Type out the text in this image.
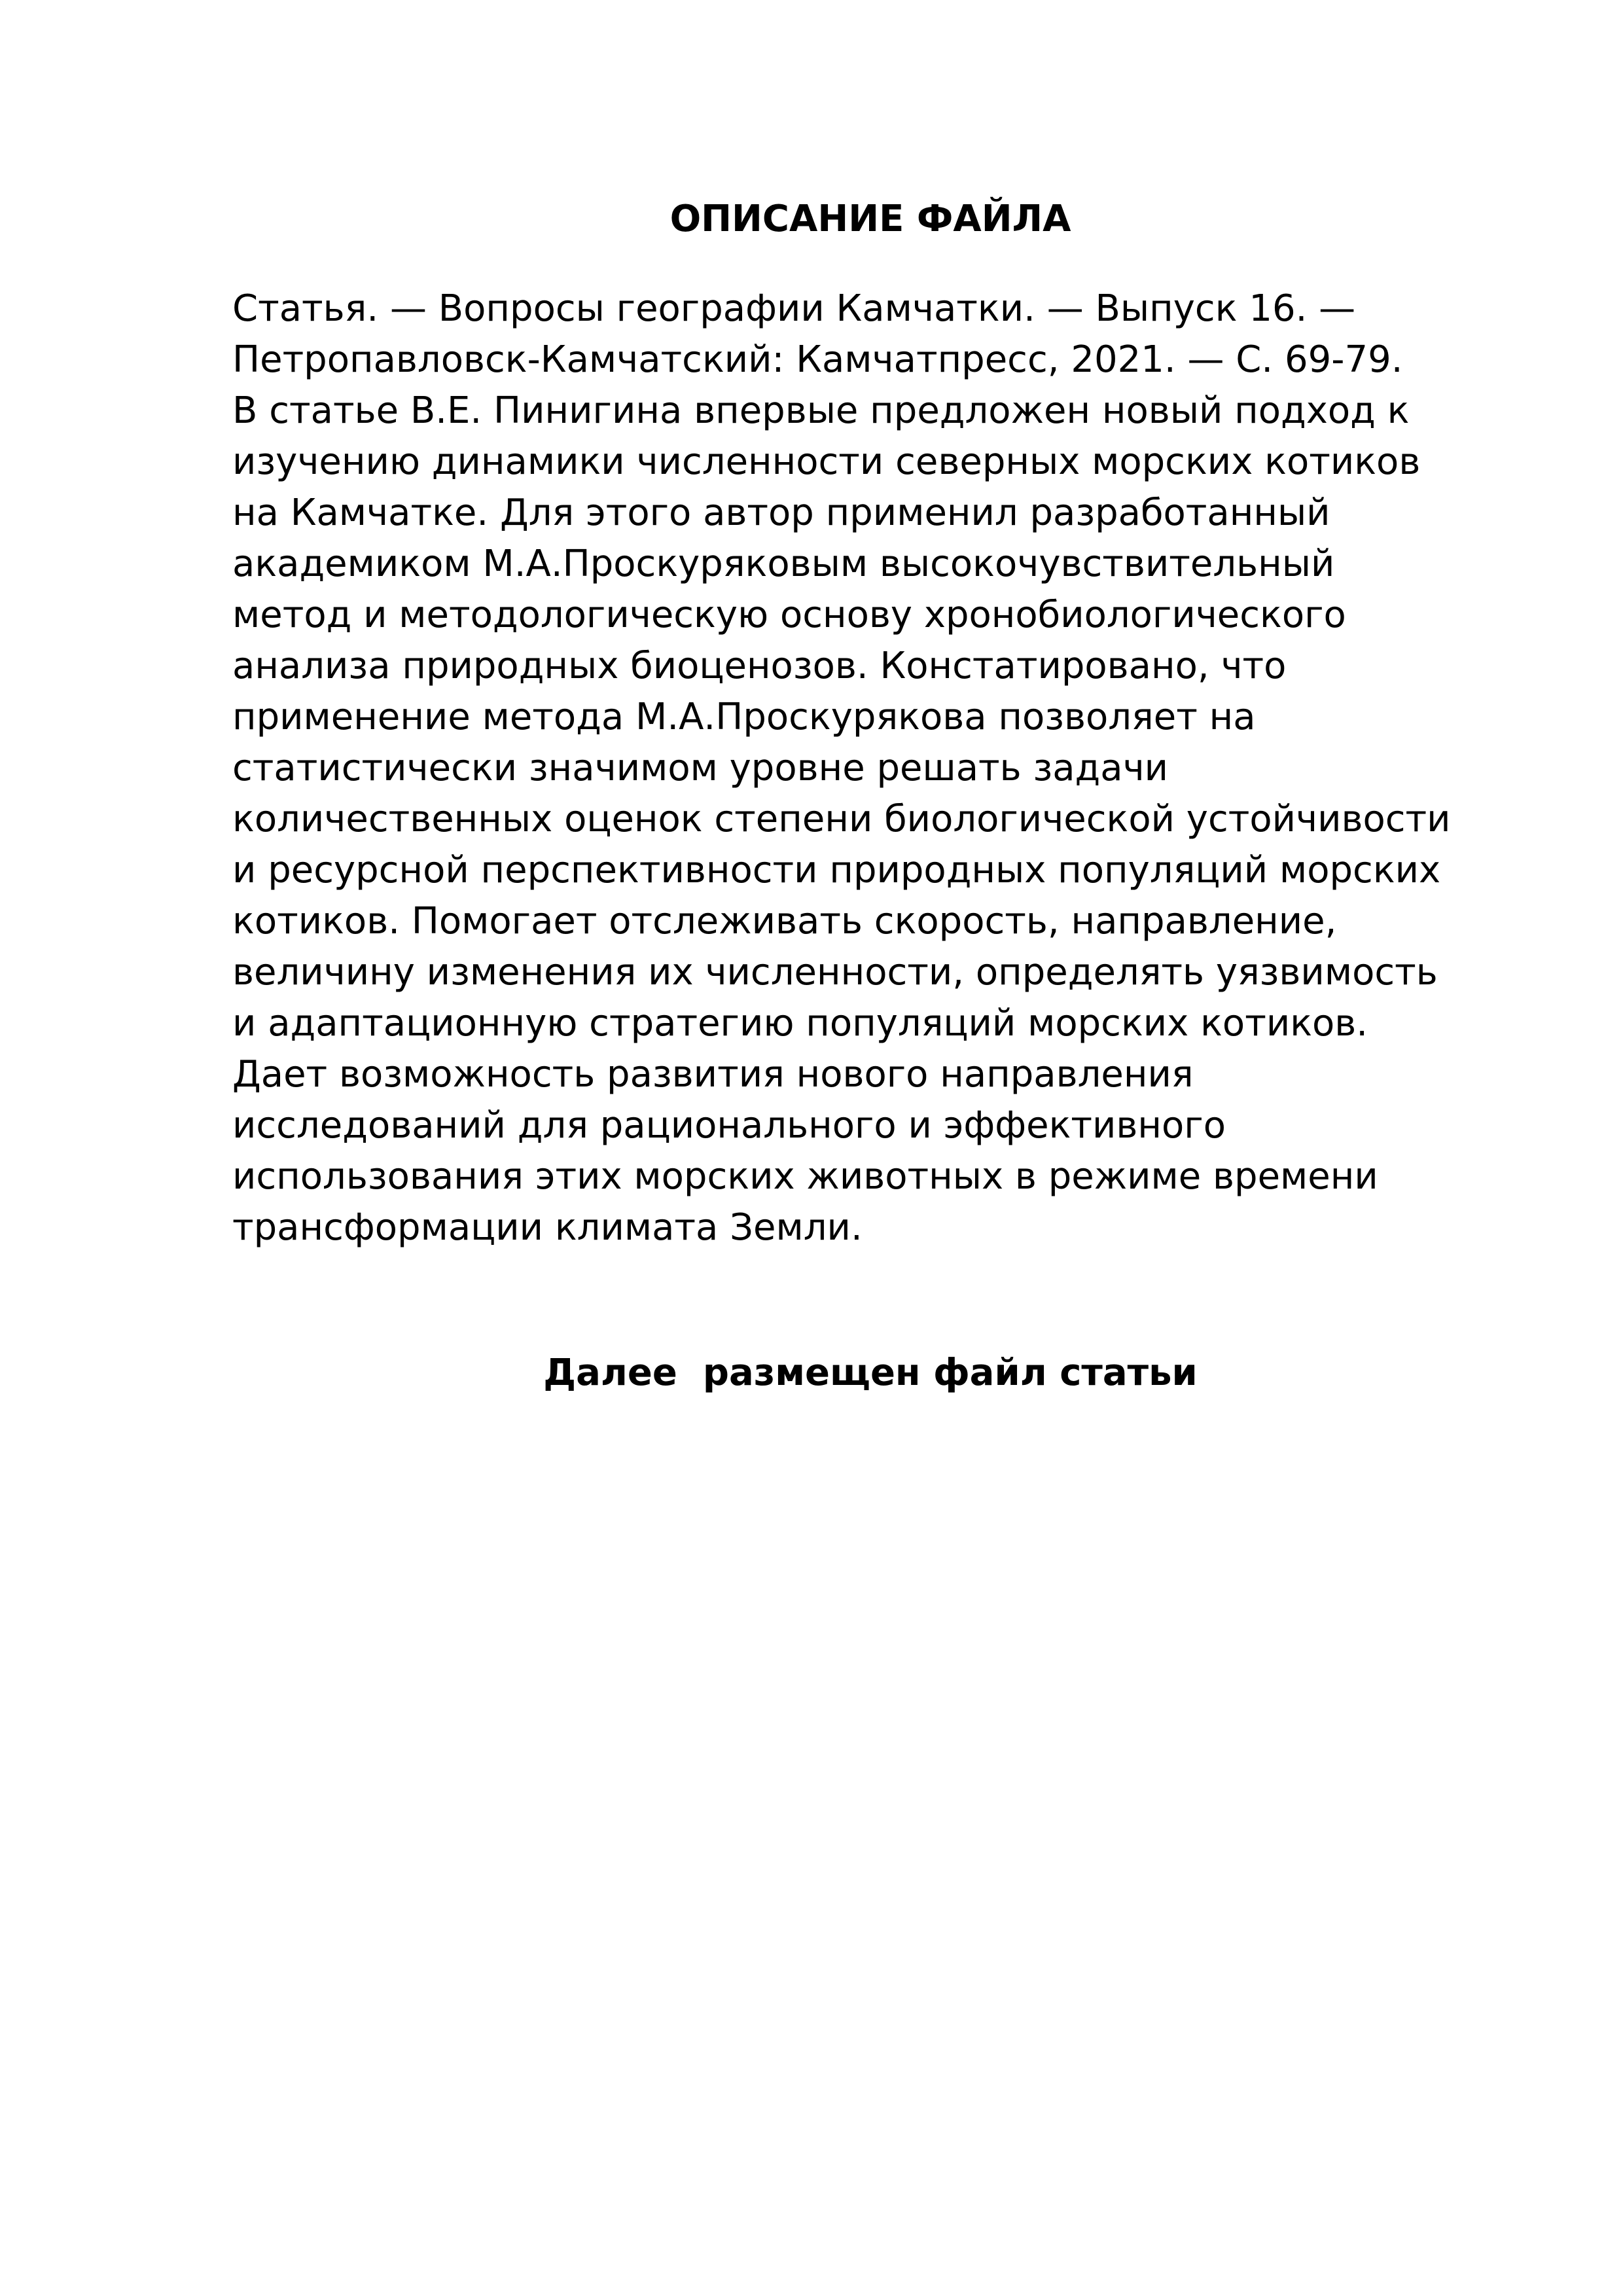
ОПИСАНИЕ ФАЙЛА

Статья. — Вопросы географии Камчатки. — Выпуск 16. —
Петропавловск-Камчатский: Камчатпресс, 2021. — С. 69-79.
В статье В.Е. Пинигина впервые предложен новый подход к
изучению динамики численности северных морских котиков
на Камчатке. Для этого автор применил разработанный
академиком М.А.Проскуряковым высокочувствительный
метод и методологическую основу хронобиологического
анализа природных биоценозов. Констатировано, что
применение метода М.А.Проскурякова позволяет на
статистически значимом уровне решать задачи
количественных оценок степени биологической устойчивости
и ресурсной перспективности природных популяций морских
котиков. Помогает отслеживать скорость, направление,
величину изменения их численности, определять уязвимость
и адаптационную стратегию популяций морских котиков.
Дает возможность развития нового направления
исследований для рационального и эффективного
использования этих морских животных в режиме времени
трансформации климата Земли.

Далее  размещен файл статьи
